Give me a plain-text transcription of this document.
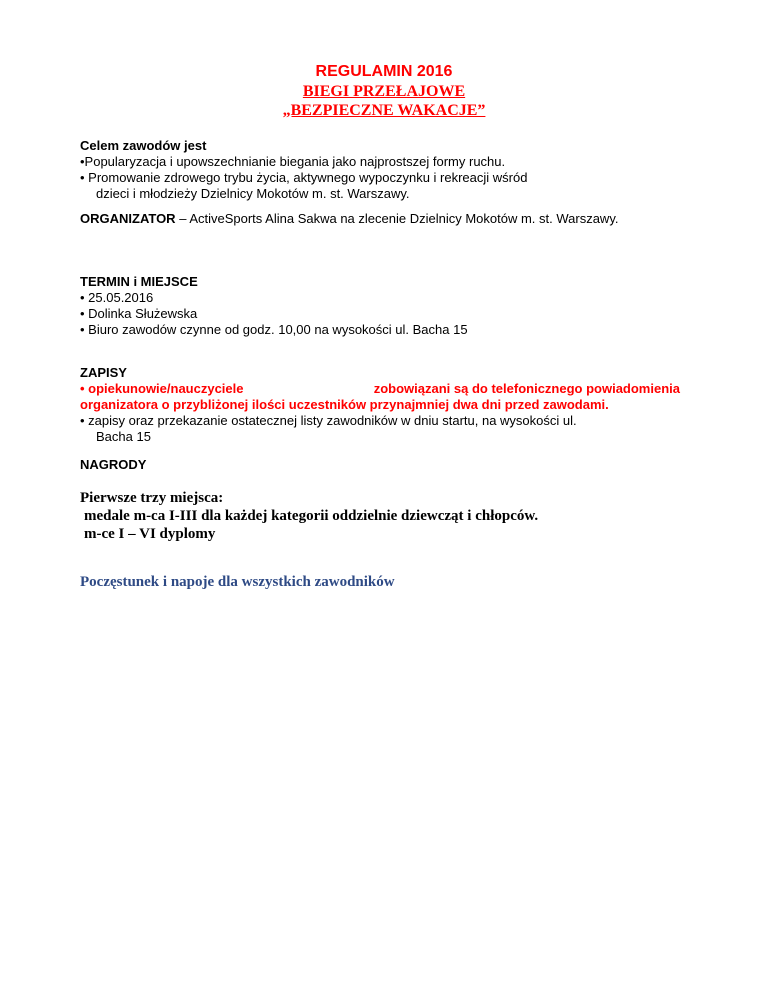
REGULAMIN 2016
BIEGI PRZEŁAJOWE
„BEZPIECZNE WAKACJE”
Celem zawodów jest
•Popularyzacja i upowszechnianie biegania jako najprostszej formy ruchu.
• Promowanie zdrowego trybu życia, aktywnego wypoczynku i rekreacji wśród
dzieci i młodzieży Dzielnicy Mokotów m. st. Warszawy.
ORGANIZATOR – ActiveSports Alina Sakwa na zlecenie Dzielnicy Mokotów m. st. Warszawy.
TERMIN i MIEJSCE
• 25.05.2016
• Dolinka Służewska
• Biuro zawodów czynne od godz. 10,00 na wysokości ul. Bacha 15
ZAPISY
• opiekunowie/nauczyciele	zobowiązani są do telefonicznego powiadomienia
organizatora o przybliżonej ilości uczestników przynajmniej dwa dni przed zawodami.
• zapisy oraz przekazanie ostatecznej listy zawodników w dniu startu, na wysokości ul.
Bacha 15
NAGRODY
Pierwsze trzy miejsca:
medale m-ca I-III dla każdej kategorii oddzielnie dziewcząt i chłopców.
m-ce I – VI dyplomy
Poczęstunek i napoje dla wszystkich zawodników
